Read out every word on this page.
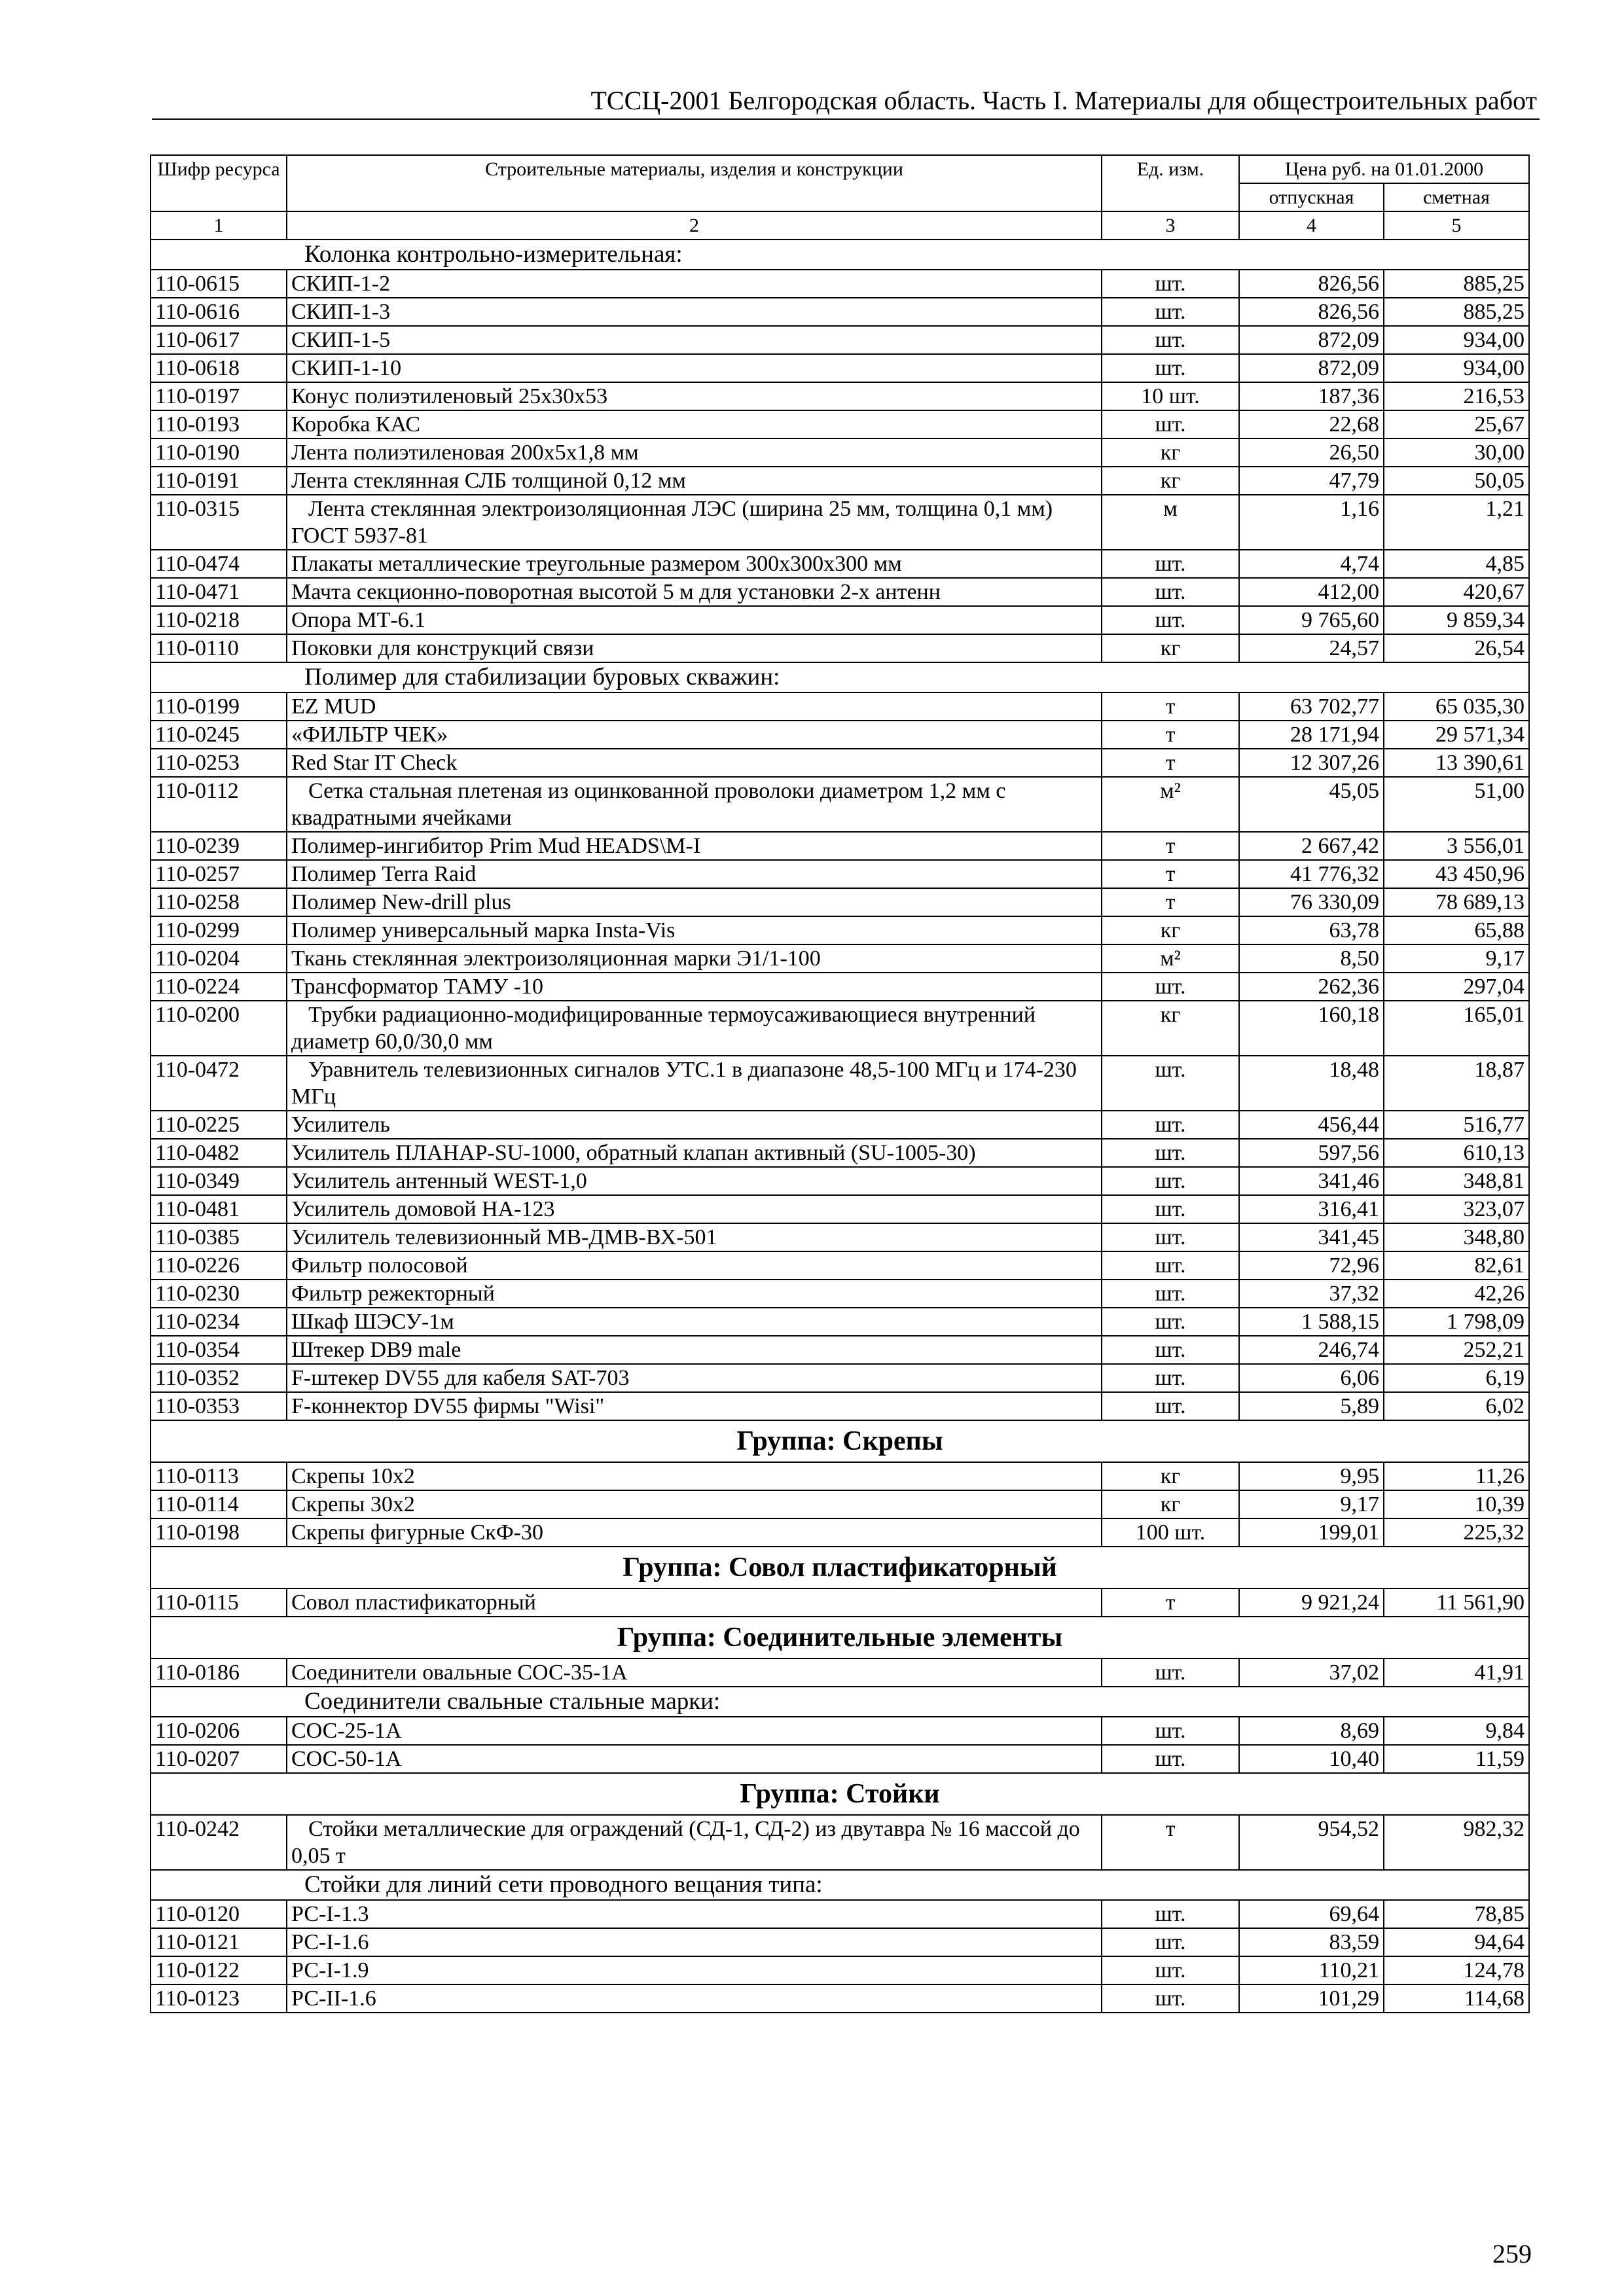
ТССЦ-2001 Белгородская область. Часть I. Материалы для общестроительных работ
Шифр ресурса	Строительные материалы, изделия и конструкции	Ед. изм.	Цена руб. на 01.01.2000	
			отпускная	сметная
1	2	3	4	5
Колонка контрольно-измерительная:				
110-0615	СКИП-1-2	шт.	826,56	885,25
110-0616	СКИП-1-3	шт.	826,56	885,25
110-0617	СКИП-1-5	шт.	872,09	934,00
110-0618	СКИП-1-10	шт.	872,09	934,00
110-0197	Конус полиэтиленовый 25x30x53	10 шт.	187,36	216,53
110-0193	Коробка КАС	шт.	22,68	25,67
110-0190	Лента полиэтиленовая 200x5x1,8 мм	кг	26,50	30,00
110-0191	Лента стеклянная СЛБ толщиной 0,12 мм	кг	47,79	50,05
110-0315	Лента стеклянная электроизоляционная ЛЭС (ширина 25 мм, толщина 0,1 мм) ГОСТ 5937-81	м	1,16	1,21
110-0474	Плакаты металлические треугольные размером 300x300x300 мм	шт.	4,74	4,85
110-0471	Мачта секционно-поворотная высотой 5 м для установки 2-х антенн	шт.	412,00	420,67
110-0218	Опора МТ-6.1	шт.	9 765,60	9 859,34
110-0110	Поковки для конструкций связи	кг	24,57	26,54
Полимер для стабилизации буровых скважин:				
110-0199	EZ MUD	т	63 702,77	65 035,30
110-0245	«ФИЛЬТР ЧЕК»	т	28 171,94	29 571,34
110-0253	Red Star IT Check	т	12 307,26	13 390,61
110-0112	Сетка стальная плетеная из оцинкованной проволоки диаметром 1,2 мм с квадратными ячейками	м²	45,05	51,00
110-0239	Полимер-ингибитор Prim Mud HEADS\M-I	т	2 667,42	3 556,01
110-0257	Полимер Terra Raid	т	41 776,32	43 450,96
110-0258	Полимер New-drill plus	т	76 330,09	78 689,13
110-0299	Полимер универсальный марка Insta-Vis	кг	63,78	65,88
110-0204	Ткань стеклянная электроизоляционная марки Э1/1-100	м²	8,50	9,17
110-0224	Трансформатор ТАМУ -10	шт.	262,36	297,04
110-0200	Трубки радиационно-модифицированные термоусаживающиеся внутренний диаметр 60,0/30,0 мм	кг	160,18	165,01
110-0472	Уравнитель телевизионных сигналов УТС.1 в диапазоне 48,5-100 МГц и 174-230 МГц	шт.	18,48	18,87
110-0225	Усилитель	шт.	456,44	516,77
110-0482	Усилитель ПЛАНАР-SU-1000, обратный клапан активный (SU-1005-30)	шт.	597,56	610,13
110-0349	Усилитель антенный WEST-1,0	шт.	341,46	348,81
110-0481	Усилитель домовой НА-123	шт.	316,41	323,07
110-0385	Усилитель телевизионный МВ-ДМВ-ВХ-501	шт.	341,45	348,80
110-0226	Фильтр полосовой	шт.	72,96	82,61
110-0230	Фильтр режекторный	шт.	37,32	42,26
110-0234	Шкаф ШЭСУ-1м	шт.	1 588,15	1 798,09
110-0354	Штекер DB9 male	шт.	246,74	252,21
110-0352	F-штекер DV55 для кабеля SAT-703	шт.	6,06	6,19
110-0353	F-коннектор DV55 фирмы "Wisi"	шт.	5,89	6,02
Группа: Скрепы				
110-0113	Скрепы 10x2	кг	9,95	11,26
110-0114	Скрепы 30x2	кг	9,17	10,39
110-0198	Скрепы фигурные СкФ-30	100 шт.	199,01	225,32
Группа: Совол пластификаторный				
110-0115	Совол пластификаторный	т	9 921,24	11 561,90
Группа: Соединительные элементы				
110-0186	Соединители овальные СОС-35-1А	шт.	37,02	41,91
Соединители свальные стальные марки:				
110-0206	СОС-25-1А	шт.	8,69	9,84
110-0207	СОС-50-1А	шт.	10,40	11,59
Группа: Стойки				
110-0242	Стойки металлические для ограждений (СД-1, СД-2) из двутавра № 16 массой до 0,05 т	т	954,52	982,32
Стойки для линий сети проводного вещания типа:				
110-0120	РС-I-1.3	шт.	69,64	78,85
110-0121	РС-I-1.6	шт.	83,59	94,64
110-0122	РС-I-1.9	шт.	110,21	124,78
110-0123	РС-II-1.6	шт.	101,29	114,68
259
